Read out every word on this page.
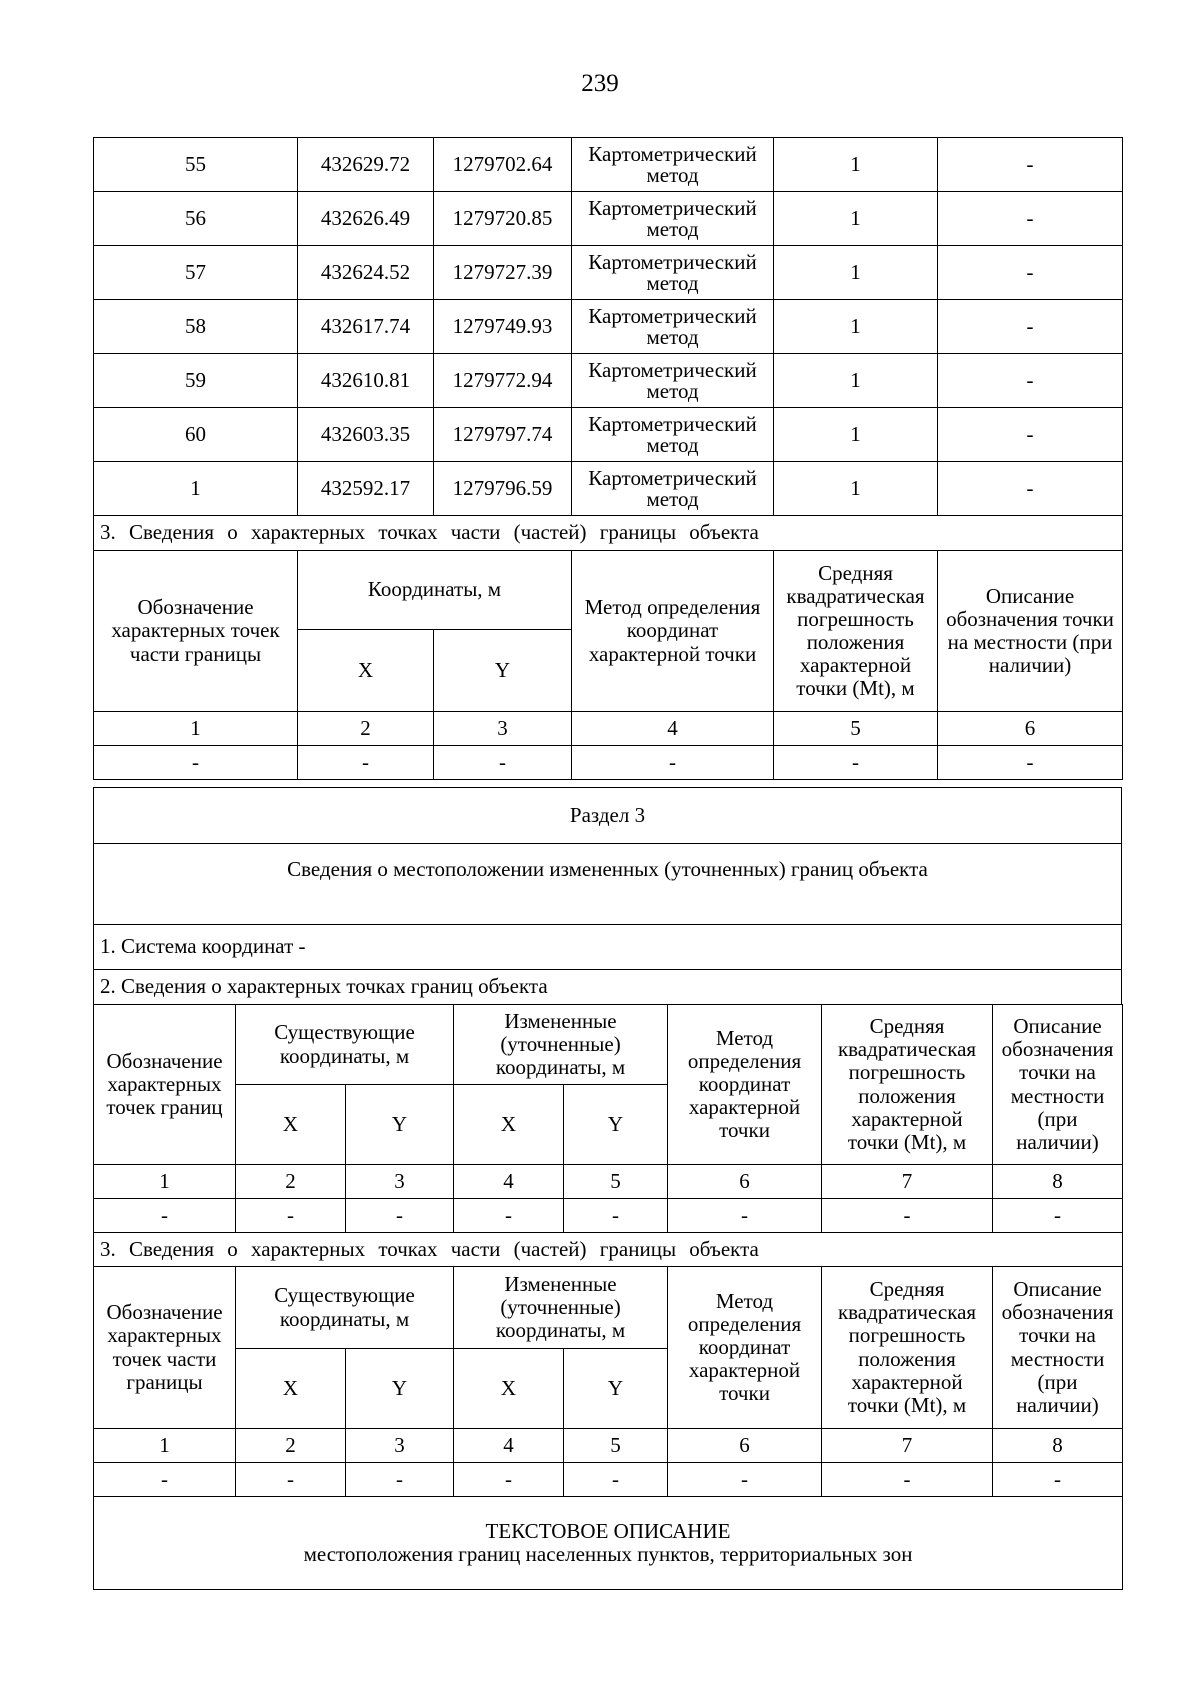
239
55	432629.72	1279702.64	Картометрический метод	1	-
56	432626.49	1279720.85	Картометрический метод	1	-
57	432624.52	1279727.39	Картометрический метод	1	-
58	432617.74	1279749.93	Картометрический метод	1	-
59	432610.81	1279772.94	Картометрический метод	1	-
60	432603.35	1279797.74	Картометрический метод	1	-
1	432592.17	1279796.59	Картометрический метод	1	-
3. Сведения о характерных точках части (частей) границы объекта					
Обозначение характерных точек части границы	Координаты, м		Метод определения координат характерной точки	Средняя квадратическая погрешность положения характерной точки (Mt), м	Описание обозначения точки на местности (при наличии)
	X	Y			
1	2	3	4	5	6
-	-	-	-	-	-
Раздел 3
Сведения о местоположении измененных (уточненных) границ объекта
1. Система координат -
2. Сведения о характерных точках границ объекта
Обозначение характерных точек границ	Существующие координаты, м		Измененные (уточненные) координаты, м		Метод определения координат характерной точки	Средняя квадратическая погрешность положения характерной точки (Mt), м	Описание обозначения точки на местности (при наличии)
	X	Y	X	Y			
1	2	3	4	5	6	7	8
-	-	-	-	-	-	-	-
3. Сведения о характерных точках части (частей) границы объекта							
Обозначение характерных точек части границы	Существующие координаты, м		Измененные (уточненные) координаты, м		Метод определения координат характерной точки	Средняя квадратическая погрешность положения характерной точки (Mt), м	Описание обозначения точки на местности (при наличии)
	X	Y	X	Y			
1	2	3	4	5	6	7	8
-	-	-	-	-	-	-	-

ТЕКСТОВОЕ ОПИСАНИЕ
местоположения границ населенных пунктов, территориальных зон							
